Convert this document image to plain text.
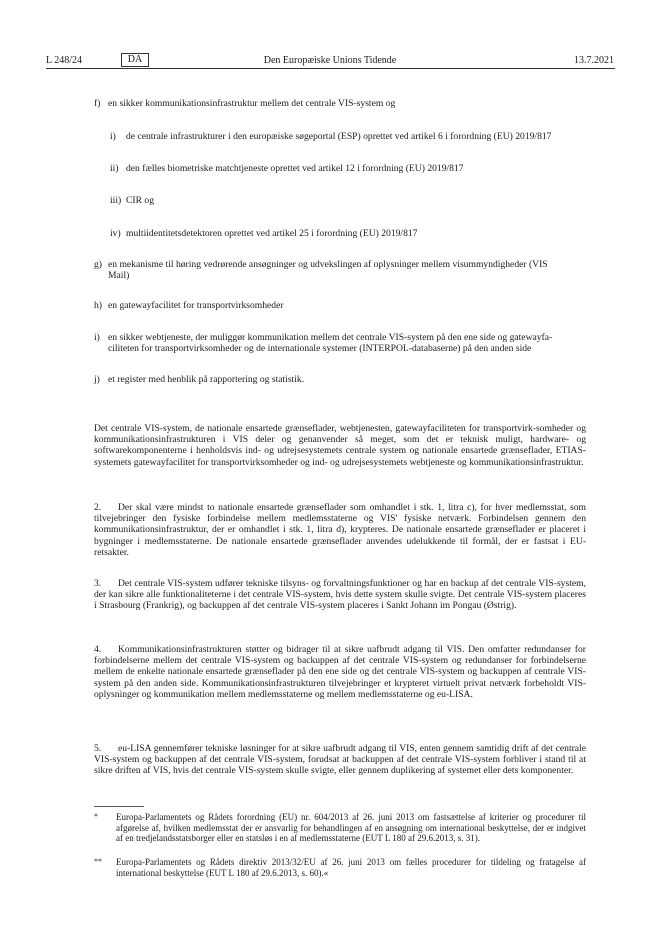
L 248/24	DA	Den Europæiske Unions Tidende	13.7.2021
f) en sikker kommunikationsinfrastruktur mellem det centrale VIS-system og
i) de centrale infrastrukturer i den europæiske søgeportal (ESP) oprettet ved artikel 6 i forordning (EU) 2019/817
ii) den fælles biometriske matchtjeneste oprettet ved artikel 12 i forordning (EU) 2019/817
iii) CIR og
iv) multiidentitetsdetektoren oprettet ved artikel 25 i forordning (EU) 2019/817
g) en mekanisme til høring vedrørende ansøgninger og udvekslingen af oplysninger mellem visummyndigheder (VIS
Mail)
h) en gatewayfacilitet for transportvirksomheder
i) en sikker webtjeneste, der muliggør kommunikation mellem det centrale VIS-system på den ene side og gatewayfa-
ciliteten for transportvirksomheder og de internationale systemer (INTERPOL-databaserne) på den anden side
j) et register med henblik på rapportering og statistik.
Det centrale VIS-system, de nationale ensartede grænseflader, webtjenesten, gatewayfaciliteten for transportvirk-somheder og kommunikationsinfrastrukturen i VIS deler og genanvender så meget, som det er teknisk muligt, hardware- og softwarekomponenterne i henholdsvis ind- og udrejsesystemets centrale system og nationale ensartede grænseflader, ETIAS-systemets gatewayfacilitet for transportvirksomheder og ind- og udrejsesystemets webtjeneste og kommunikationsinfrastruktur.
2. Der skal være mindst to nationale ensartede grænseflader som omhandlet i stk. 1, litra c), for hver medlemsstat, som tilvejebringer den fysiske forbindelse mellem medlemsstaterne og VIS' fysiske netværk. Forbindelsen gennem den kommunikationsinfrastruktur, der er omhandlet i stk. 1, litra d), krypteres. De nationale ensartede grænseflader er placeret i bygninger i medlemsstaterne. De nationale ensartede grænseflader anvendes udelukkende til formål, der er fastsat i EU-retsakter.
3. Det centrale VIS-system udfører tekniske tilsyns- og forvaltningsfunktioner og har en backup af det centrale VIS-system, der kan sikre alle funktionaliteterne i det centrale VIS-system, hvis dette system skulle svigte. Det centrale VIS-system placeres i Strasbourg (Frankrig), og backuppen af det centrale VIS-system placeres i Sankt Johann im Pongau (Østrig).
4. Kommunikationsinfrastrukturen støtter og bidrager til at sikre uafbrudt adgang til VIS. Den omfatter redundanser for forbindelserne mellem det centrale VIS-system og backuppen af det centrale VIS-system og redundanser for forbindelserne mellem de enkelte nationale ensartede grænseflader på den ene side og det centrale VIS-system og backuppen af centrale VIS-system på den anden side. Kommunikationsinfrastrukturen tilvejebringer et krypteret virtuelt privat netværk forbeholdt VIS-oplysninger og kommunikation mellem medlemsstaterne og mellem medlemsstaterne og eu-LISA.
5. eu-LISA gennemfører tekniske løsninger for at sikre uafbrudt adgang til VIS, enten gennem samtidig drift af det centrale VIS-system og backuppen af det centrale VIS-system, forudsat at backuppen af det centrale VIS-system forbliver i stand til at sikre driften af VIS, hvis det centrale VIS-system skulle svigte, eller gennem duplikering af systemet eller dets komponenter.
* Europa-Parlamentets og Rådets forordning (EU) nr. 604/2013 af 26. juni 2013 om fastsættelse af kriterier og procedurer til afgørelse af, hvilken medlemsstat der er ansvarlig for behandlingen af en ansøgning om international beskyttelse, der er indgivet af en tredjelandsstatsborger eller en statsløs i en af medlemsstaterne (EUT L 180 af 29.6.2013, s. 31).
** Europa-Parlamentets og Rådets direktiv 2013/32/EU af 26. juni 2013 om fælles procedurer for tildeling og fratagelse af international beskyttelse (EUT L 180 af 29.6.2013, s. 60).«
